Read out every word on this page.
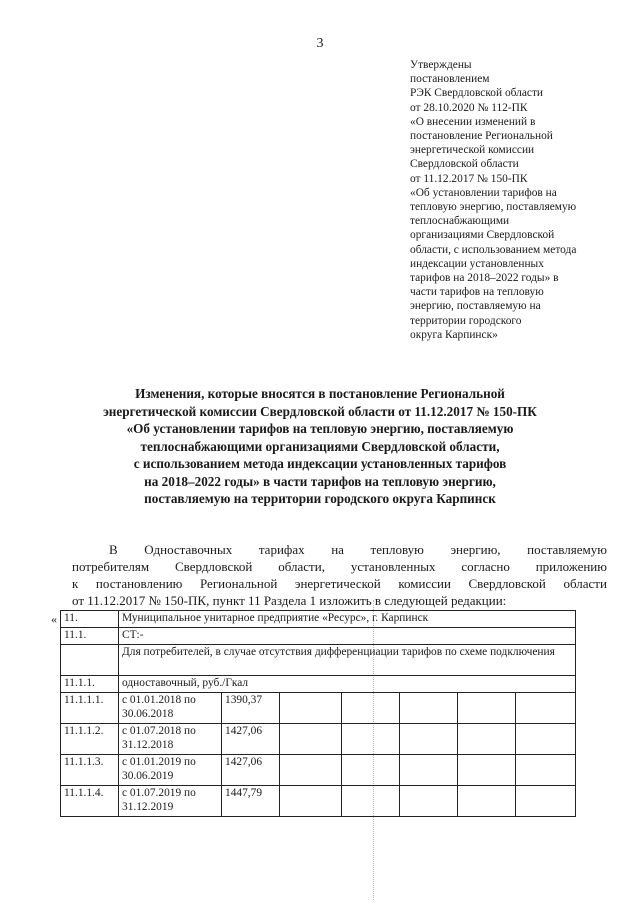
3
Утверждены
постановлением
РЭК Свердловской области
от 28.10.2020 № 112-ПК
«О внесении изменений в
постановление Региональной
энергетической комиссии
Свердловской области
от 11.12.2017 № 150-ПК
«Об установлении тарифов на
тепловую энергию, поставляемую
теплоснабжающими
организациями Свердловской
области, с использованием метода
индексации установленных
тарифов на 2018–2022 годы» в
части тарифов на тепловую
энергию, поставляемую на
территории городского
округа Карпинск»
Изменения, которые вносятся в постановление Региональной
энергетической комиссии Свердловской области от 11.12.2017 № 150-ПК
«Об установлении тарифов на тепловую энергию, поставляемую
теплоснабжающими организациями Свердловской области,
с использованием метода индексации установленных тарифов
на 2018–2022 годы» в части тарифов на тепловую энергию,
поставляемую на территории городского округа Карпинск
В Одноставочных тарифах на тепловую энергию, поставляемую
потребителям Свердловской области, установленных согласно приложению
к постановлению Региональной энергетической комиссии Свердловской области
от 11.12.2017 № 150-ПК, пункт 11 Раздела 1 изложить в следующей редакции:
« 11.	Муниципальное унитарное предприятие «Ресурс», г. Карпинск						
11.1.	СТ:-						
	Для потребителей, в случае отсутствия дифференциации тарифов по схеме подключения						
11.1.1.	одноставочный, руб./Гкал						
11.1.1.1.	с 01.01.2018 по 30.06.2018	1390,37					
11.1.1.2.	с 01.07.2018 по 31.12.2018	1427,06					
11.1.1.3.	с 01.01.2019 по 30.06.2019	1427,06					
11.1.1.4.	с 01.07.2019 по 31.12.2019	1447,79					
